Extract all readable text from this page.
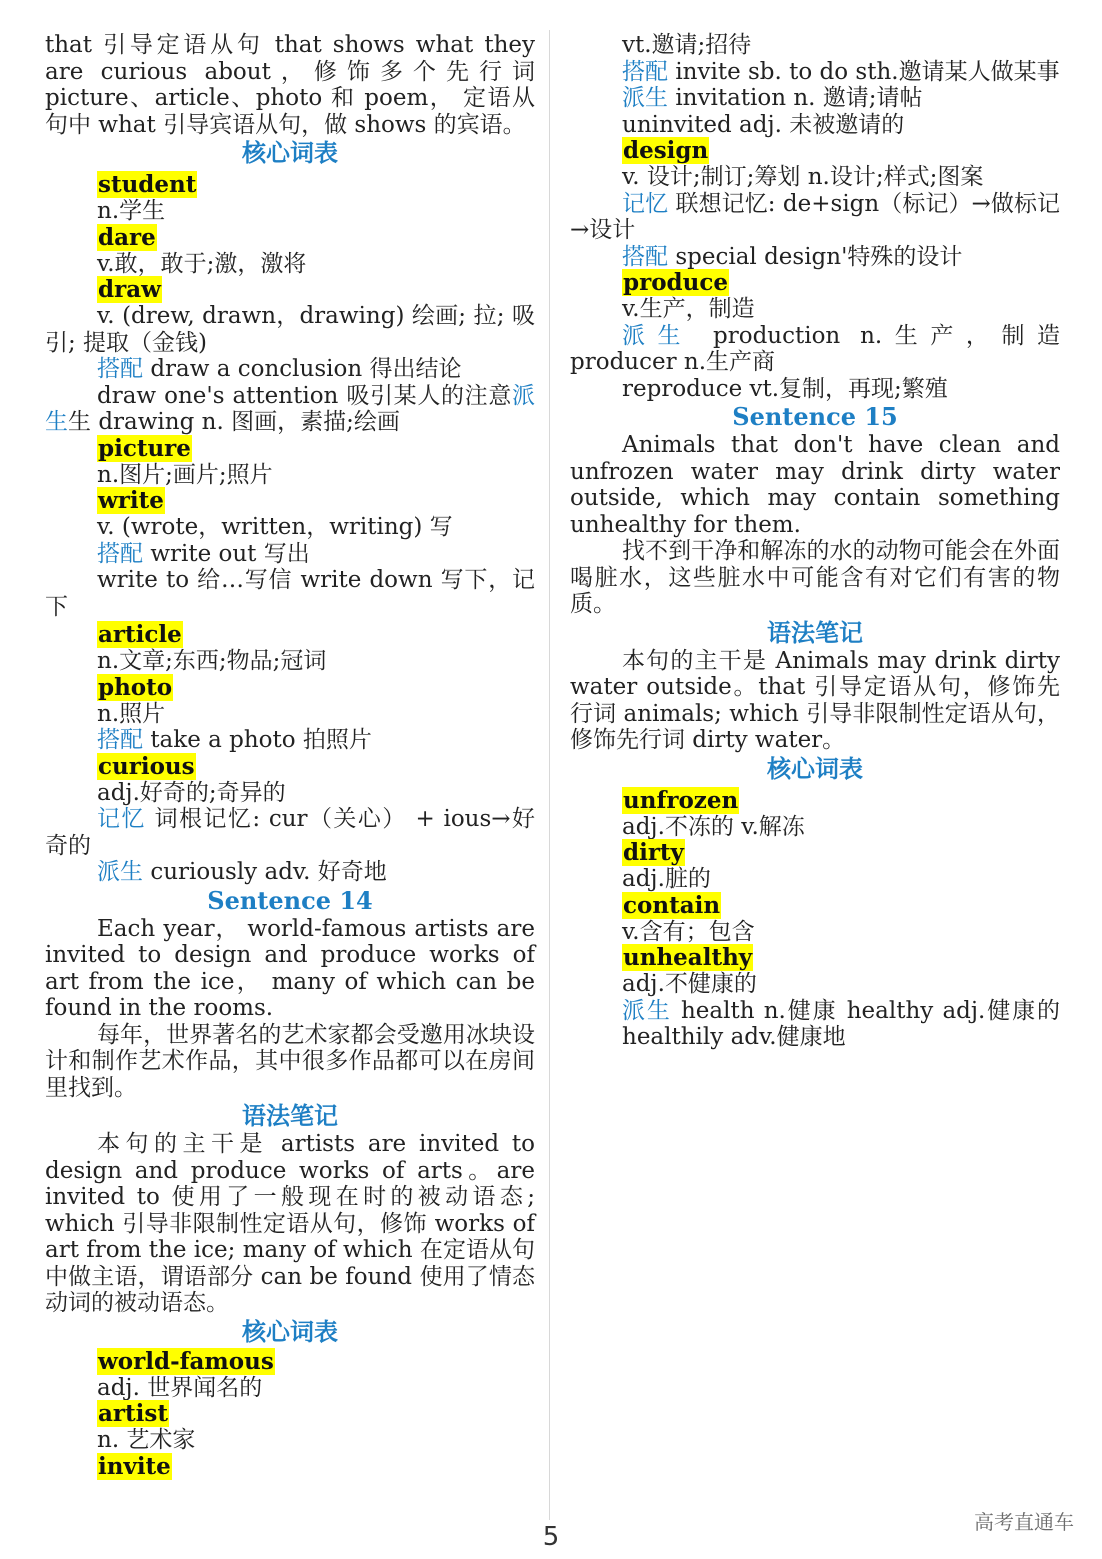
that 引导定语从句 that shows what they are curious about，修饰多个先行词 picture、article、photo 和 poem， 定语从句中 what 引导宾语从句，做 shows 的宾语。

核心词表
student

n.学生

dare

v.敢，敢于;激，激将

draw

v. (drew, drawn，drawing) 绘画; 拉; 吸引; 提取（金钱)

搭配 draw a conclusion 得出结论

draw one's attention 吸引某人的注意派生生 drawing n. 图画，素描;绘画

picture

n.图片;画片;照片

write

v. (wrote，written，writing) 写

搭配 write out 写出

write to 给…写信 write down 写下，记下

article

n.文章;东西;物品;冠词

photo

n.照片

搭配 take a photo 拍照片

curious

adj.好奇的;奇异的

记忆 词根记忆: cur（关心） + ious→好奇的

派生 curiously adv. 好奇地

Sentence 14

Each year， world-famous artists are invited to design and produce works of art from the ice， many of which can be found in the rooms.

每年，世界著名的艺术家都会受邀用冰块设计和制作艺术作品，其中很多作品都可以在房间里找到。

语法笔记

本句的主干是 artists are invited to design and produce works of arts。are invited to 使用了一般现在时的被动语态; which 引导非限制性定语从句，修饰 works of art from the ice; many of which 在定语从句中做主语，谓语部分 can be found 使用了情态动词的被动语态。

核心词表
world-famous

adj. 世界闻名的

artist

n. 艺术家

invite

vt.邀请;招待

搭配 invite sb. to do sth.邀请某人做某事

派生 invitation n. 邀请;请帖

uninvited adj. 未被邀请的

design

v. 设计;制订;筹划 n.设计;样式;图案

记忆 联想记忆: de+sign（标记）→做标记→设计

搭配 special design'特殊的设计

produce

v.生产，制造

派生 production n.生产，制造 producer n.生产商

reproduce vt.复制，再现;繁殖

Sentence 15

Animals that don't have clean and unfrozen water may drink dirty water outside, which may contain something unhealthy for them.

找不到干净和解冻的水的动物可能会在外面喝脏水，这些脏水中可能含有对它们有害的物质。

语法笔记

本句的主干是 Animals may drink dirty water outside。that 引导定语从句，修饰先行词 animals; which 引导非限制性定语从句，修饰先行词 dirty water。

核心词表
unfrozen

adj.不冻的 v.解冻

dirty

adj.脏的

contain

v.含有；包含

unhealthy

adj.不健康的

派生 health n.健康 healthy adj.健康的 healthily adv.健康地

5	高考直通车
